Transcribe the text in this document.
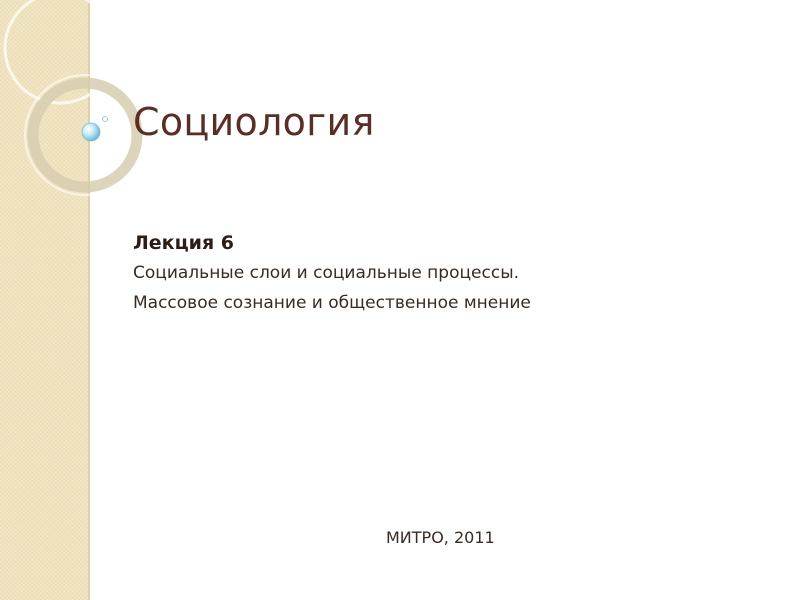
Социология
Лекция 6
Социальные слои и социальные процессы.
Массовое сознание и общественное мнение
МИТРО, 2011
